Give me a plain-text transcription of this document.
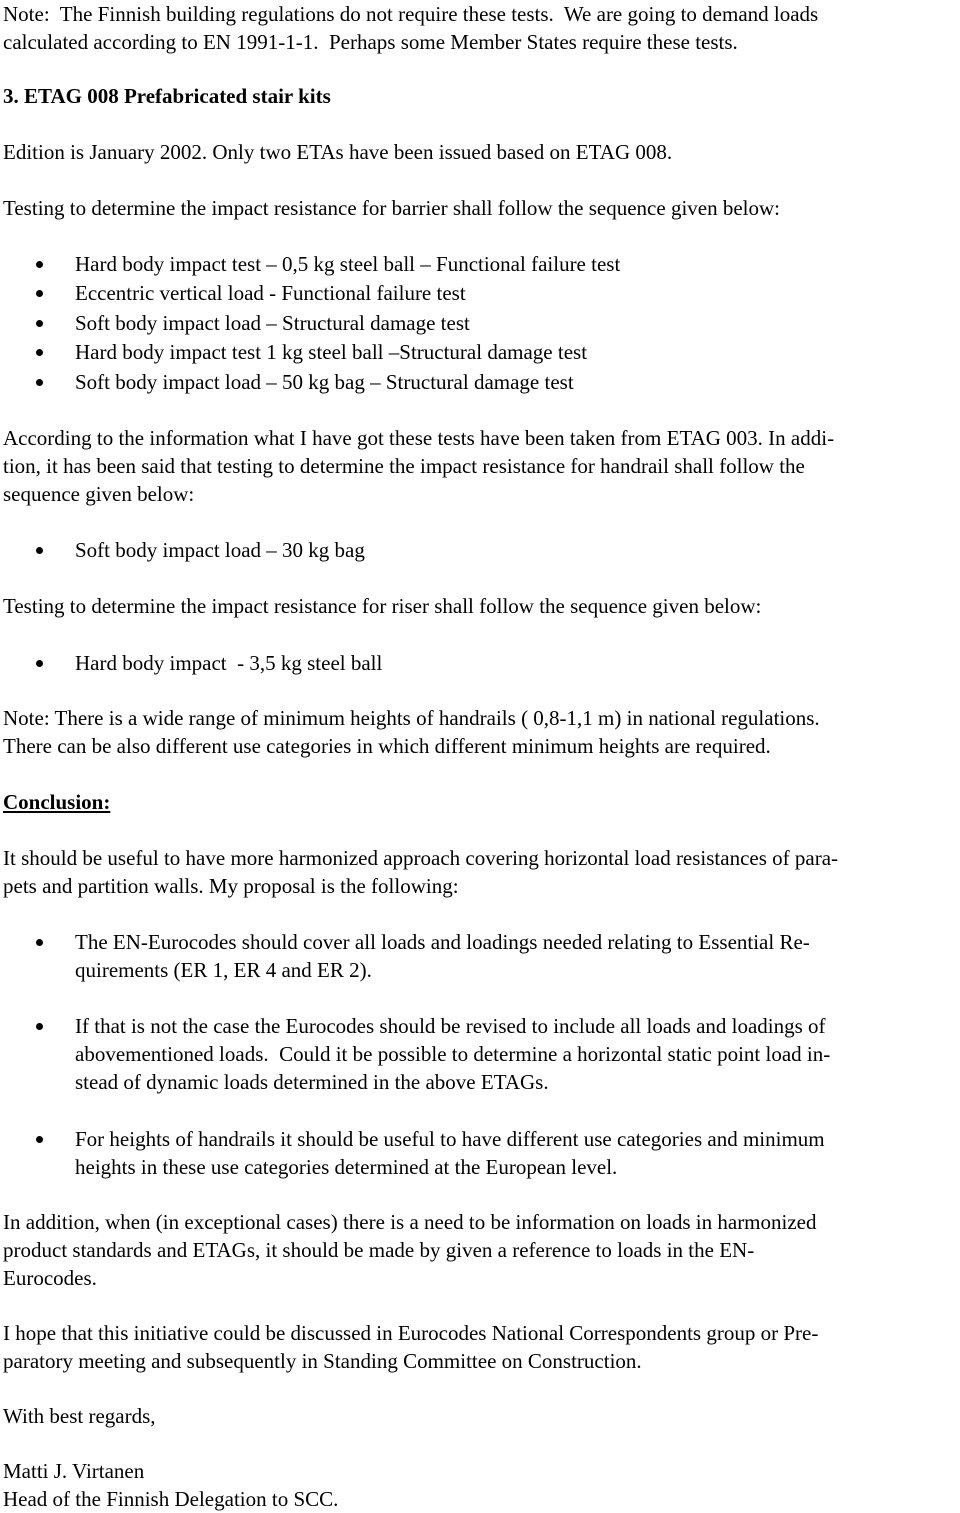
Note:  The Finnish building regulations do not require these tests.  We are going to demand loads
calculated according to EN 1991-1-1.  Perhaps some Member States require these tests.
3. ETAG 008 Prefabricated stair kits
Edition is January 2002. Only two ETAs have been issued based on ETAG 008.
Testing to determine the impact resistance for barrier shall follow the sequence given below:
Hard body impact test – 0,5 kg steel ball – Functional failure test
Eccentric vertical load - Functional failure test
Soft body impact load – Structural damage test
Hard body impact test 1 kg steel ball –Structural damage test
Soft body impact load – 50 kg bag – Structural damage test
According to the information what I have got these tests have been taken from ETAG 003. In addi-
tion, it has been said that testing to determine the impact resistance for handrail shall follow the
sequence given below:
Soft body impact load – 30 kg bag
Testing to determine the impact resistance for riser shall follow the sequence given below:
Hard body impact  - 3,5 kg steel ball
Note: There is a wide range of minimum heights of handrails ( 0,8-1,1 m) in national regulations.
There can be also different use categories in which different minimum heights are required.
Conclusion:
It should be useful to have more harmonized approach covering horizontal load resistances of para-
pets and partition walls. My proposal is the following:
The EN-Eurocodes should cover all loads and loadings needed relating to Essential Re-
quirements (ER 1, ER 4 and ER 2).
If that is not the case the Eurocodes should be revised to include all loads and loadings of
abovementioned loads.  Could it be possible to determine a horizontal static point load in-
stead of dynamic loads determined in the above ETAGs.
For heights of handrails it should be useful to have different use categories and minimum
heights in these use categories determined at the European level.
In addition, when (in exceptional cases) there is a need to be information on loads in harmonized
product standards and ETAGs, it should be made by given a reference to loads in the EN-
Eurocodes.
I hope that this initiative could be discussed in Eurocodes National Correspondents group or Pre-
paratory meeting and subsequently in Standing Committee on Construction.
With best regards,
Matti J. Virtanen
Head of the Finnish Delegation to SCC.
